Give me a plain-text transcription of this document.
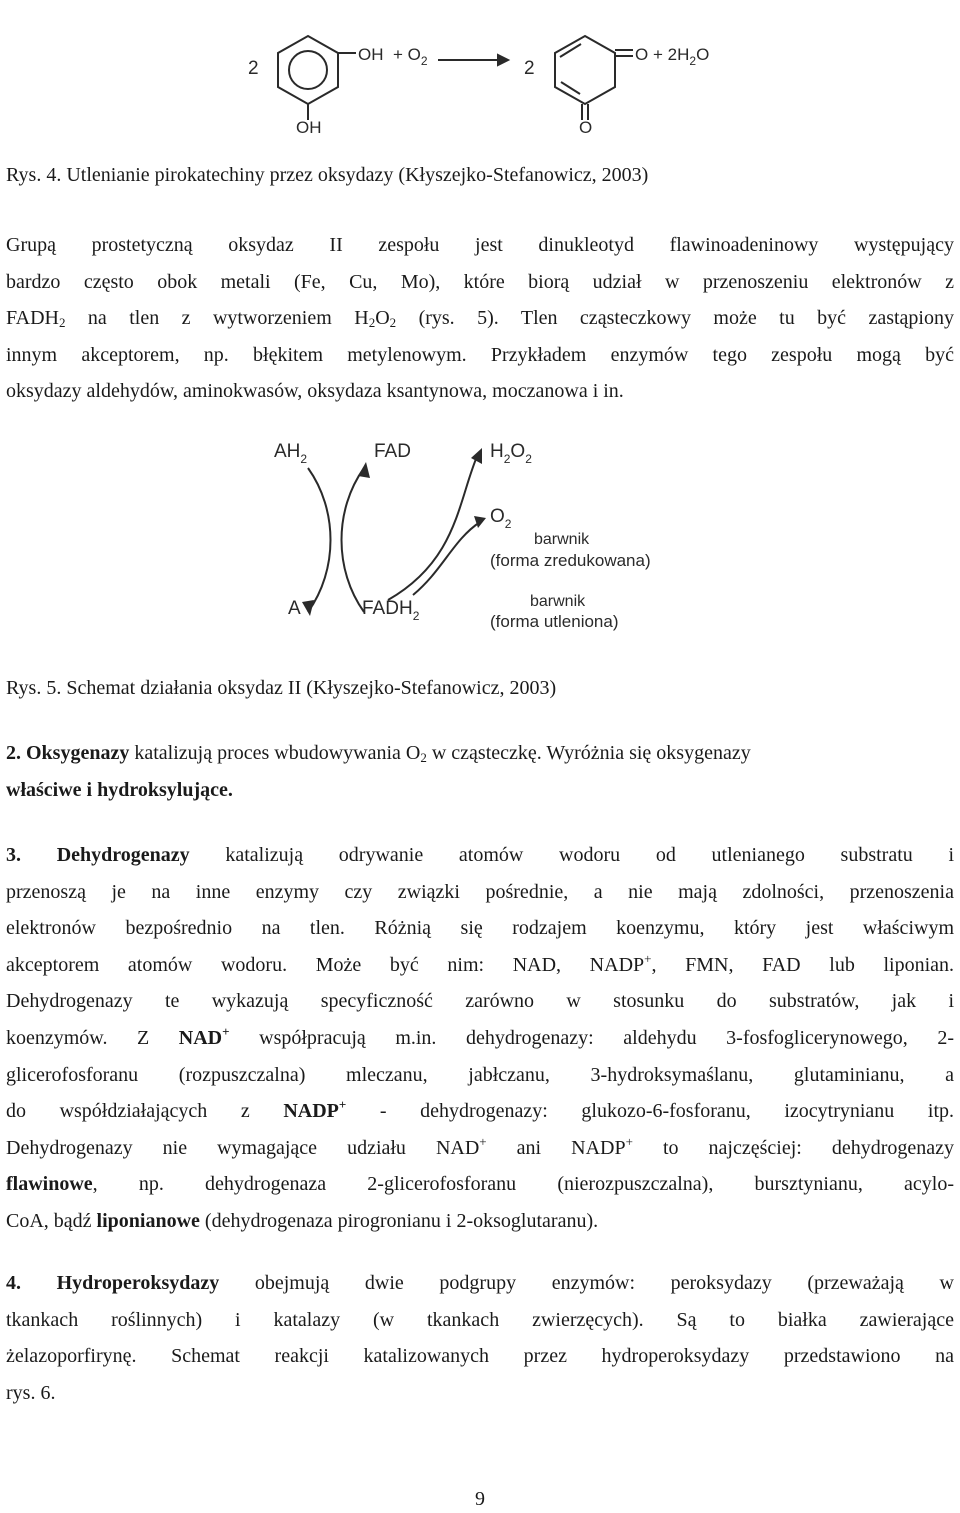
2
OH + $O_2$
OH
2
$O + 2H_2O$
O
Rys. 4. Utlenianie pirokatechiny przez oksydazy (Kłyszejko-Stefanowicz, 2003)
Grupą prostetyczną oksydaz II zespołu jest dinukleotyd flawinoadeninowy występujący
bardzo często obok metali (Fe, Cu, Mo), które biorą udział w przenoszeniu elektronów z
$FADH_2$ na tlen z wytworzeniem $H_2O_2$ (rys. 5). Tlen cząsteczkowy może tu być zastąpiony
innym akceptorem, np. błękitem metylenowym. Przykładem enzymów tego zespołu mogą być
oksydazy aldehydów, aminokwasów, oksydaza ksantynowa, moczanowa i in.
$AH_2$	FAD	$H_2O_2$
$O_2$
barwnik
(forma zredukowana)
A	$FADH_2$
barwnik
(forma utleniona)
Rys. 5. Schemat działania oksydaz II (Kłyszejko-Stefanowicz, 2003)
2. Oksygenazy katalizują proces wbudowywania $O_2$ w cząsteczkę. Wyróżnia się oksygenazy
właściwe i hydroksylujące.
3. Dehydrogenazy katalizują odrywanie atomów wodoru od utlenianego substratu i
przenoszą je na inne enzymy czy związki pośrednie, a nie mają zdolności, przenoszenia
elektronów bezpośrednio na tlen. Różnią się rodzajem koenzymu, który jest właściwym
akceptorem atomów wodoru. Może być nim: NAD, NADP+, FMN, FAD lub liponian.
Dehydrogenazy te wykazują specyficzność zarówno w stosunku do substratów, jak i
koenzymów. Z NAD+ współpracują m.in. dehydrogenazy: aldehydu 3-fosfoglicerynowego, 2-
glicerofosforanu (rozpuszczalna) mleczanu, jabłczanu, 3-hydroksymaślanu, glutaminianu, a
do współdziałających z NADP+ - dehydrogenazy: glukozo-6-fosforanu, izocytrynianu itp.
Dehydrogenazy nie wymagające udziału NAD+ ani NADP+ to najczęściej: dehydrogenazy
flawinowe, np. dehydrogenaza 2-glicerofosforanu (nierozpuszczalna), bursztynianu, acylo-
CoA, bądź liponianowe (dehydrogenaza pirogronianu i 2-oksoglutaranu).
4. Hydroperoksydazy obejmują dwie podgrupy enzymów: peroksydazy (przeważają w
tkankach roślinnych) i katalazy (w tkankach zwierzęcych). Są to białka zawierające
żelazoporfirynę. Schemat reakcji katalizowanych przez hydroperoksydazy przedstawiono na
rys. 6.
9
